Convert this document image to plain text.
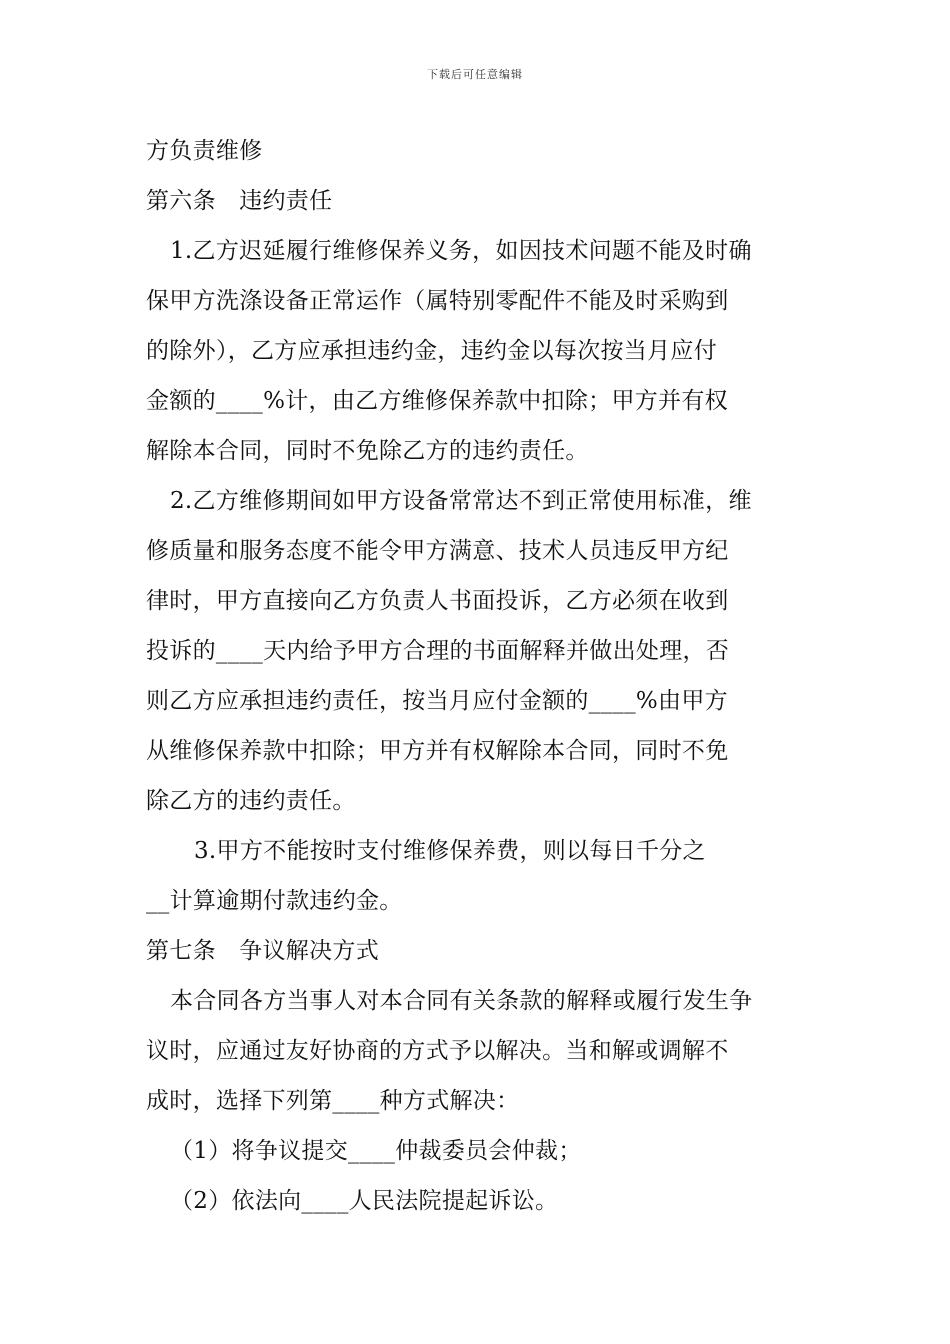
下载后可任意编辑
方负责维修
第六条　违约责任
1.乙方迟延履行维修保养义务，如因技术问题不能及时确
保甲方洗涤设备正常运作（属特别零配件不能及时采购到
的除外），乙方应承担违约金，违约金以每次按当月应付
金额的____%计，由乙方维修保养款中扣除；甲方并有权
解除本合同，同时不免除乙方的违约责任。
2.乙方维修期间如甲方设备常常达不到正常使用标准，维
修质量和服务态度不能令甲方满意、技术人员违反甲方纪
律时，甲方直接向乙方负责人书面投诉，乙方必须在收到
投诉的____天内给予甲方合理的书面解释并做出处理，否
则乙方应承担违约责任，按当月应付金额的____%由甲方
从维修保养款中扣除；甲方并有权解除本合同，同时不免
除乙方的违约责任。
3.甲方不能按时支付维修保养费，则以每日千分之
__计算逾期付款违约金。
第七条　争议解决方式
本合同各方当事人对本合同有关条款的解释或履行发生争
议时，应通过友好协商的方式予以解决。当和解或调解不
成时，选择下列第____种方式解决：
（1）将争议提交____仲裁委员会仲裁；
（2）依法向____人民法院提起诉讼。
